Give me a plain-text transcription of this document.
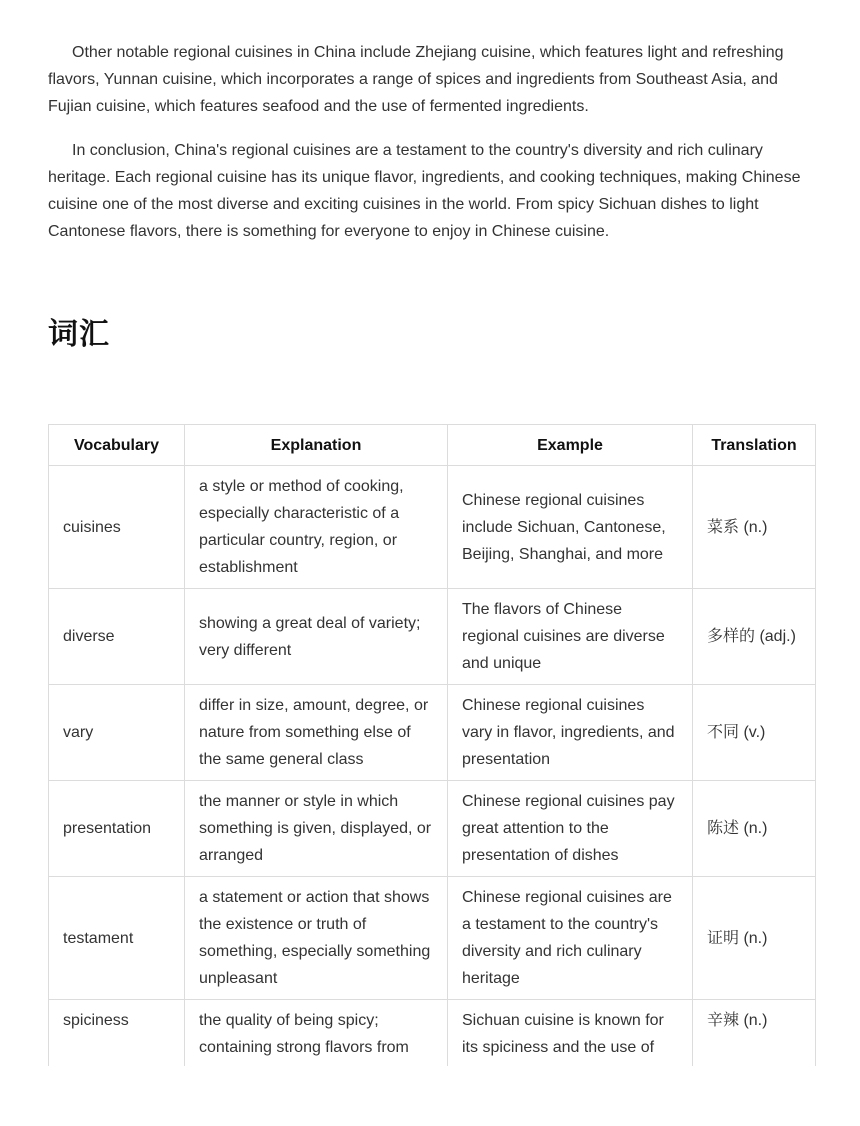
Other notable regional cuisines in China include Zhejiang cuisine, which features light and refreshing flavors, Yunnan cuisine, which incorporates a range of spices and ingredients from Southeast Asia, and Fujian cuisine, which features seafood and the use of fermented ingredients.

In conclusion, China's regional cuisines are a testament to the country's diversity and rich culinary heritage. Each regional cuisine has its unique flavor, ingredients, and cooking techniques, making Chinese cuisine one of the most diverse and exciting cuisines in the world. From spicy Sichuan dishes to light Cantonese flavors, there is something for everyone to enjoy in Chinese cuisine.

词汇
Vocabulary	Explanation	Example	Translation
cuisines	a style or method of cooking, especially characteristic of a particular country, region, or establishment	Chinese regional cuisines include Sichuan, Cantonese, Beijing, Shanghai, and more	菜系 (n.)
diverse	showing a great deal of variety; very different	The flavors of Chinese regional cuisines are diverse and unique	多样的 (adj.)
vary	differ in size, amount, degree, or nature from something else of the same general class	Chinese regional cuisines vary in flavor, ingredients, and presentation	不同 (v.)
presentation	the manner or style in which something is given, displayed, or arranged	Chinese regional cuisines pay great attention to the presentation of dishes	陈述 (n.)
testament	a statement or action that shows the existence or truth of something, especially something unpleasant	Chinese regional cuisines are a testament to the country's diversity and rich culinary heritage	证明 (n.)
spiciness	the quality of being spicy; containing strong flavors from	Sichuan cuisine is known for its spiciness and the use of	辛辣 (n.)
